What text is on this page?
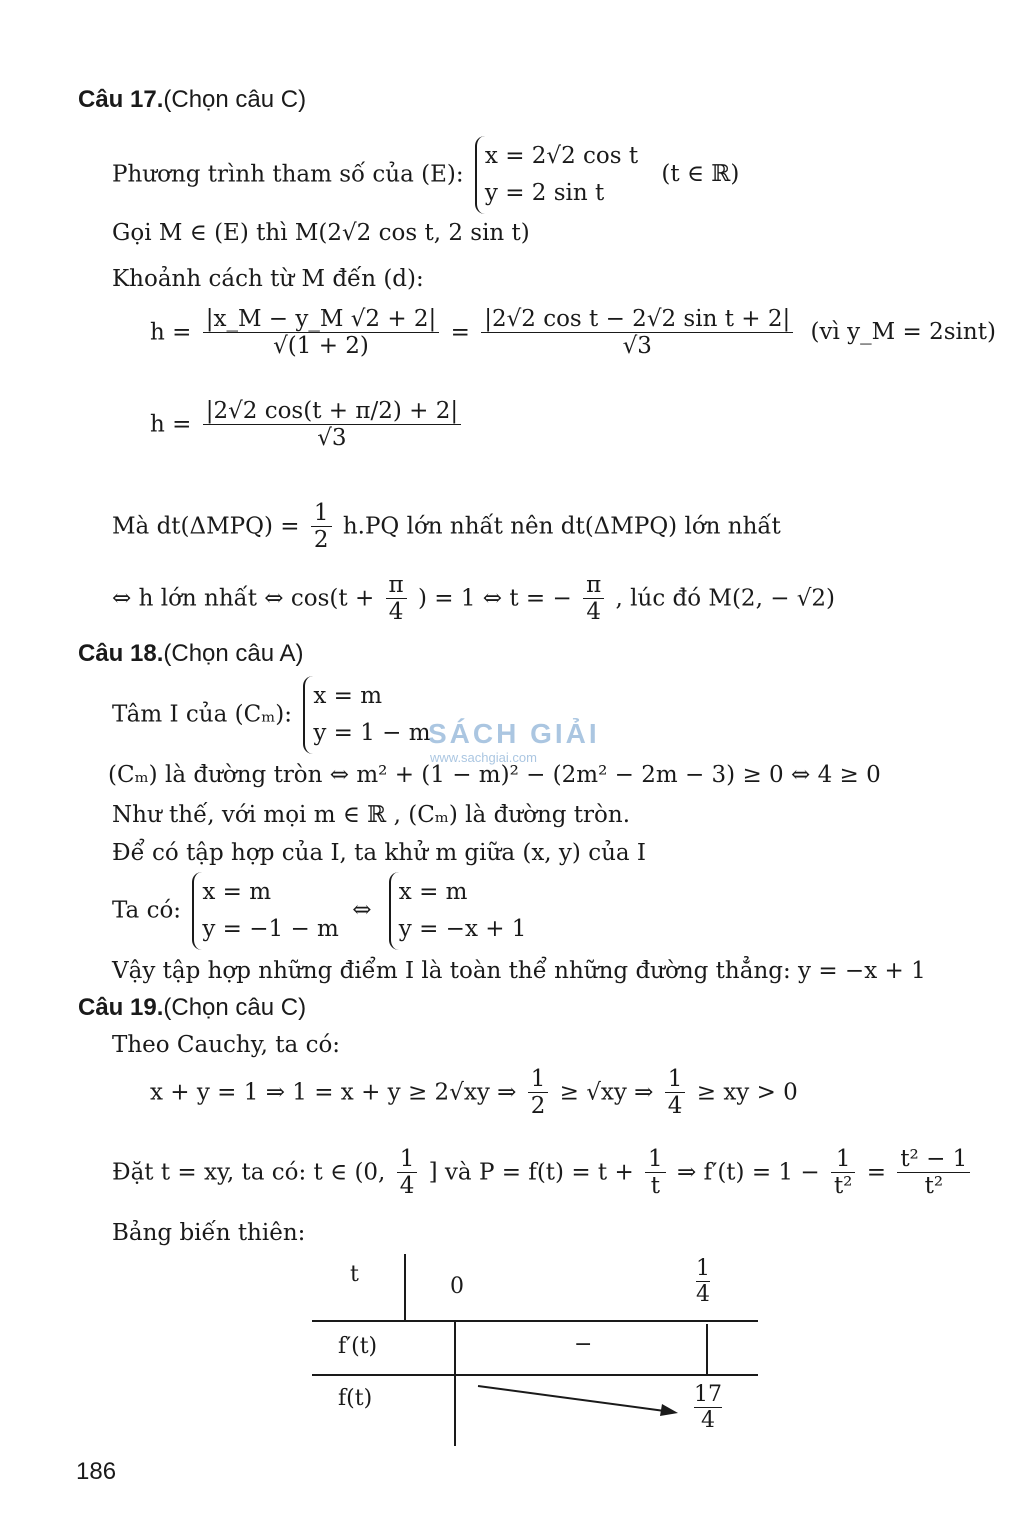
Câu 17.(Chọn câu C)
Phương trình tham số của (E):
x = 2√2 cos t
y = 2 sin t
(t ∈ ℝ)
Gọi M ∈ (E) thì M(2√2 cos t, 2 sin t)
Khoảnh cách từ M đến (d):
$h = \frac{|x\_M - y\_M √2 + 2|}{√(1 + 2)} = \frac{\text{|2√2 cos t − 2√2 sin t + 2|}}{√3}$ (vì y_M = 2sint)
$h = \frac{|2√2 \cos(t + \pi/2) + 2|}{√3}$
Mà $dt(\Delta MPQ) = \frac{1}{2} h.PQ$ lớn nhất nên dt(ΔMPQ) lớn nhất
⇔ h lớn nhất ⇔ $\cos(t + \frac{\pi}{4}$ ) = 1 ⇔ t = − $\frac{\pi}{4}$ , lúc đó M(2, − √2)
Câu 18.(Chọn câu A)
Tâm I của (Cₘ):
x = m
y = 1 − m
SÁCH GIẢI
www.sachgiai.com
(Cₘ) là đường tròn ⇔ m² + (1 − m)² − (2m² − 2m − 3) ≥ 0 ⇔ 4 ≥ 0
Như thế, với mọi m ∈ ℝ , (Cₘ) là đường tròn.
Để có tập hợp của I, ta khử m giữa (x, y) của I
Ta có:
x = m
y = −1 − m
⇔
x = m
y = −x + 1
Vậy tập hợp những điểm I là toàn thể những đường thẳng: y = −x + 1
Câu 19.(Chọn câu C)
Theo Cauchy, ta có:
x + y = 1 ⇒ 1 = x + y ≥ 2√xy ⇒ $\frac{1}{2} \ge √xy$ ⇒ $\frac{1}{4}$ ≥ xy > 0
Đặt t = xy, ta có: t ∈ (0, $\frac{1}{4}$ ] và $P = f(t) = t + \frac{1}{t}$ ⇒ $f'(t) = 1 - \frac{1}{\text{t²}} = \frac{\text{t² − 1}}{\text{t²}}$
Bảng biến thiên:
t
f′(t)
f(t)
0	$\frac{1}{4}$
−
$\frac{17}{4}$
186
